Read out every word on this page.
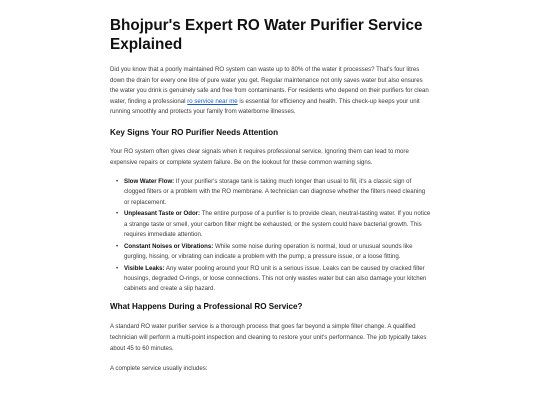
Bhojpur's Expert RO Water Purifier Service Explained

Did you know that a poorly maintained RO system can waste up to 80% of the water it processes? That's four litres down the drain for every one litre of pure water you get. Regular maintenance not only saves water but also ensures the water you drink is genuinely safe and free from contaminants. For residents who depend on their purifiers for clean water, finding a professional ro service near me is essential for efficiency and health. This check-up keeps your unit running smoothly and protects your family from waterborne illnesses.

Key Signs Your RO Purifier Needs Attention

Your RO system often gives clear signals when it requires professional service. Ignoring them can lead to more expensive repairs or complete system failure. Be on the lookout for these common warning signs.

• Slow Water Flow: If your purifier's storage tank is taking much longer than usual to fill, it's a classic sign of clogged filters or a problem with the RO membrane. A technician can diagnose whether the filters need cleaning or replacement.
• Unpleasant Taste or Odor: The entire purpose of a purifier is to provide clean, neutral-tasting water. If you notice a strange taste or smell, your carbon filter might be exhausted, or the system could have bacterial growth. This requires immediate attention.
• Constant Noises or Vibrations: While some noise during operation is normal, loud or unusual sounds like gurgling, hissing, or vibrating can indicate a problem with the pump, a pressure issue, or a loose fitting.
• Visible Leaks: Any water pooling around your RO unit is a serious issue. Leaks can be caused by cracked filter housings, degraded O-rings, or loose connections. This not only wastes water but can also damage your kitchen cabinets and create a slip hazard.
What Happens During a Professional RO Service?

A standard RO water purifier service is a thorough process that goes far beyond a simple filter change. A qualified technician will perform a multi-point inspection and cleaning to restore your unit's performance. The job typically takes about 45 to 60 minutes.

A complete service usually includes:
